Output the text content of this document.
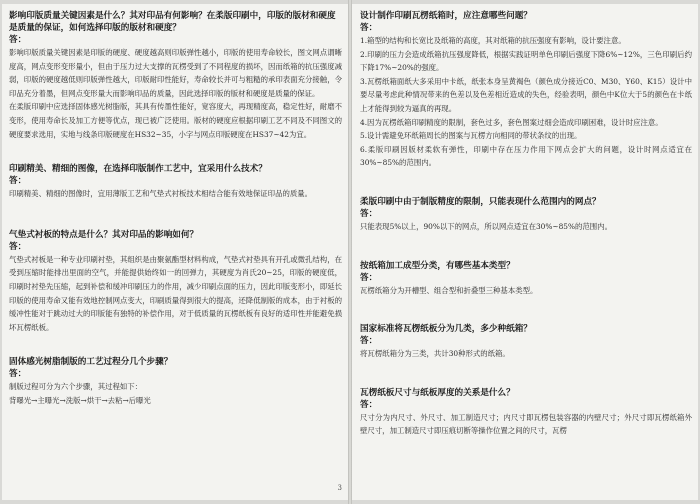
影响印版质量关键因素是什么？其对印品有何影响？在柔版印刷中，印版的版材和硬度是质量的保证，如何选择印版的版材和硬度？

答：

影响印版质量关键因素是印版的硬度、硬度越高则印版弹性越小，印版的使用寿命较长，图文网点谓晰度高，网点变形变形量小，但由于压力过大支撑的瓦楞受到了不同程度的损坏，因而纸箱的抗压强度减弱，印版的硬度越低则印版弹性越大，印版耐印性能好，寿命较长并可与粗糙的承印表面充分接触，令印品充分着墨，但网点变形量大而影响印品的质量，因此选择印版的版材和硬度是质量的保证。

在柔版印刷中应选择固体感光树脂版，其具有传墨性能好，宽容度大，再现精度高，稳定性好，耐磨不变形，使用寿命长及加工方便等优点，现已被广泛使用。版材的硬度应根据印刷工艺不同及不同图文的硬度要求选用，实地与线条印版硬度在HS32~35，小字与网点印版硬度在HS37~42为宜。

印刷精美、精细的图像，在选择印版制作工艺中，宜采用什么技术？

答：

印刷精美、精细的图像时，宜用薄版工艺和气垫式衬板技术相结合能有效地保证印品的质量。

气垫式衬板的特点是什么？其对印品的影响如何？

答：

气垫式衬板是一种专业印刷衬垫，其组织是由聚氨酯型材料构成，气垫式衬垫具有开孔或微孔结构，在受到压缩时能排出里面的空气，并能提供始终如一的回弹力，其硬度为肖氏20~25，印版的硬度低，印刷时衬垫先压缩，起到补偿和缓冲印刷压力的作用，减少印刷点面的压力，因此印版变形小，即延长印版的使用寿命又能有效地控制网点变大，印刷质量得到很大的提高，还降低制版的成本，由于衬板的缓冲性能对于跳动过大的印版能有独特的补偿作用，对于低质量的瓦楞纸板有良好的适印性并能避免损坏瓦楞纸板。

固体感光树脂制版的工艺过程分几个步骤？

答：

制版过程可分为六个步骤，其过程如下：

背曝光→主曝光→洗版→烘干→去粘→后曝光

3

设计制作印刷瓦楞纸箱时，应注意哪些问题？

答：

1.箱型的结构和长宽比及纸箱的高度，其对纸箱的抗压强度有影响，设计要注意。

2.印刷的压力会造成纸箱抗压强度降低，根据实践证明单色印刷后强度下降6%~12%，三色印刷后约下降17%~20%的强度。

3.瓦楞纸箱面纸大多采用中卡纸，纸张本身呈黄褐色（颜色成分接近C0、M30、Y60、K15）设计中要尽量考虑此种情况带来的色差以及色差相近造成的失色，经验表明，颜色中K位大于5的颜色在卡纸上才能得到较为逼真的再现。

4.因为瓦楞纸箱印刷精度的限制，套色过多，套色图案过细会造成印刷困难，设计时应注意。

5.设计需避免环纸箱周长的图案与瓦楞方向相同的带状条纹的出现。

6.柔版印刷因版材柔软有弹性，印刷中存在压力作用下网点会扩大的问题，设计时网点适宜在30%~85%的范围内。

柔版印刷中由于制版精度的限制，只能表现什么范围内的网点？

答：

只能表现5%以上，90%以下的网点，所以网点适宜在30%~85%的范围内。

按纸箱加工成型分类，有哪些基本类型？

答：

瓦楞纸箱分为开槽型、组合型和折叠型三种基本类型。

国家标准将瓦楞纸板分为几类，多少种纸箱？

答：

将瓦楞纸箱分为三类，共计30种形式的纸箱。

瓦楞纸板尺寸与纸板厚度的关系是什么？

答：

尺寸分为内尺寸、外尺寸、加工制造尺寸；内尺寸即瓦楞包装容器的内壁尺寸；外尺寸即瓦楞纸箱外壁尺寸，加工制造尺寸即压痕切断等操作位置之间的尺寸，瓦楞
